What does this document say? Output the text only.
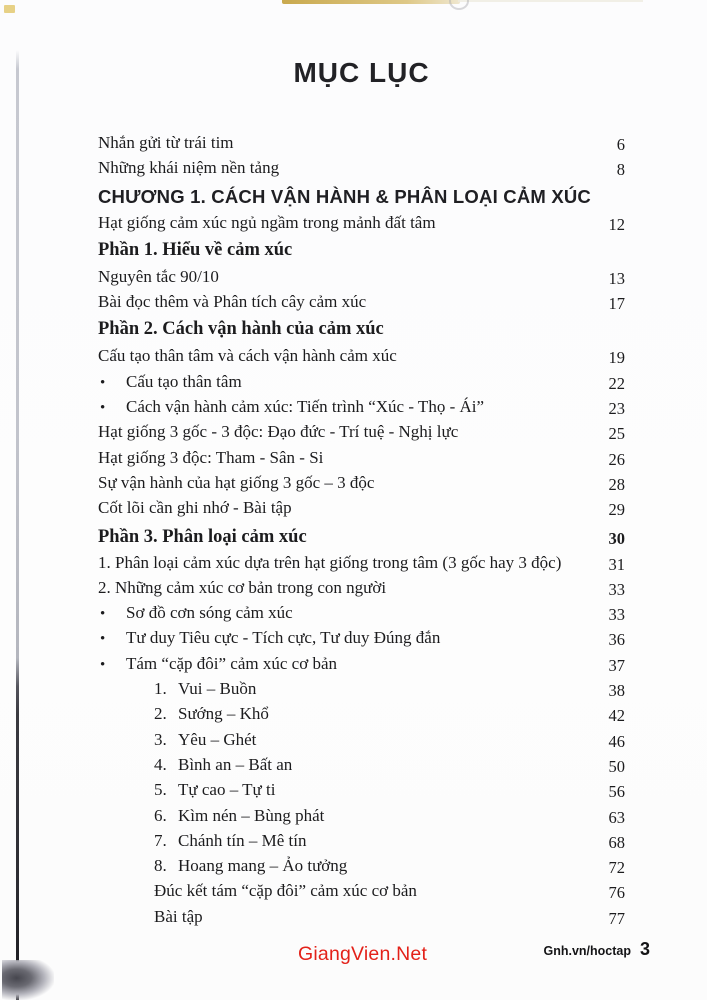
MỤC LỤC
Nhắn gửi từ trái tim	6
Những khái niệm nền tảng	8
CHƯƠNG 1. CÁCH VẬN HÀNH & PHÂN LOẠI CẢM XÚC
Hạt giống cảm xúc ngủ ngầm trong mảnh đất tâm	12
Phần 1. Hiểu về cảm xúc
Nguyên tắc 90/10	13
Bài đọc thêm và Phân tích cây cảm xúc	17
Phần 2. Cách vận hành của cảm xúc
Cấu tạo thân tâm và cách vận hành cảm xúc	19
•	Cấu tạo thân tâm	22
•	Cách vận hành cảm xúc: Tiến trình “Xúc - Thọ - Ái”	23
Hạt giống 3 gốc - 3 độc: Đạo đức - Trí tuệ - Nghị lực	25
Hạt giống 3 độc: Tham - Sân - Si	26
Sự vận hành của hạt giống 3 gốc – 3 độc	28
Cốt lõi cần ghi nhớ - Bài tập	29
Phần 3. Phân loại cảm xúc	30
1. Phân loại cảm xúc dựa trên hạt giống trong tâm (3 gốc hay 3 độc)	31
2. Những cảm xúc cơ bản trong con người	33
•	Sơ đồ cơn sóng cảm xúc	33
•	Tư duy Tiêu cực - Tích cực, Tư duy Đúng đắn	36
•	Tám “cặp đôi” cảm xúc cơ bản	37
1. Vui – Buồn	38
2. Sướng – Khổ	42
3. Yêu – Ghét	46
4. Bình an – Bất an	50
5. Tự cao – Tự ti	56
6. Kìm nén – Bùng phát	63
7. Chánh tín – Mê tín	68
8. Hoang mang – Ảo tưởng	72
Đúc kết tám “cặp đôi” cảm xúc cơ bản	76
Bài tập	77
GiangVien.Net	Gnh.vn/hoctap 3
